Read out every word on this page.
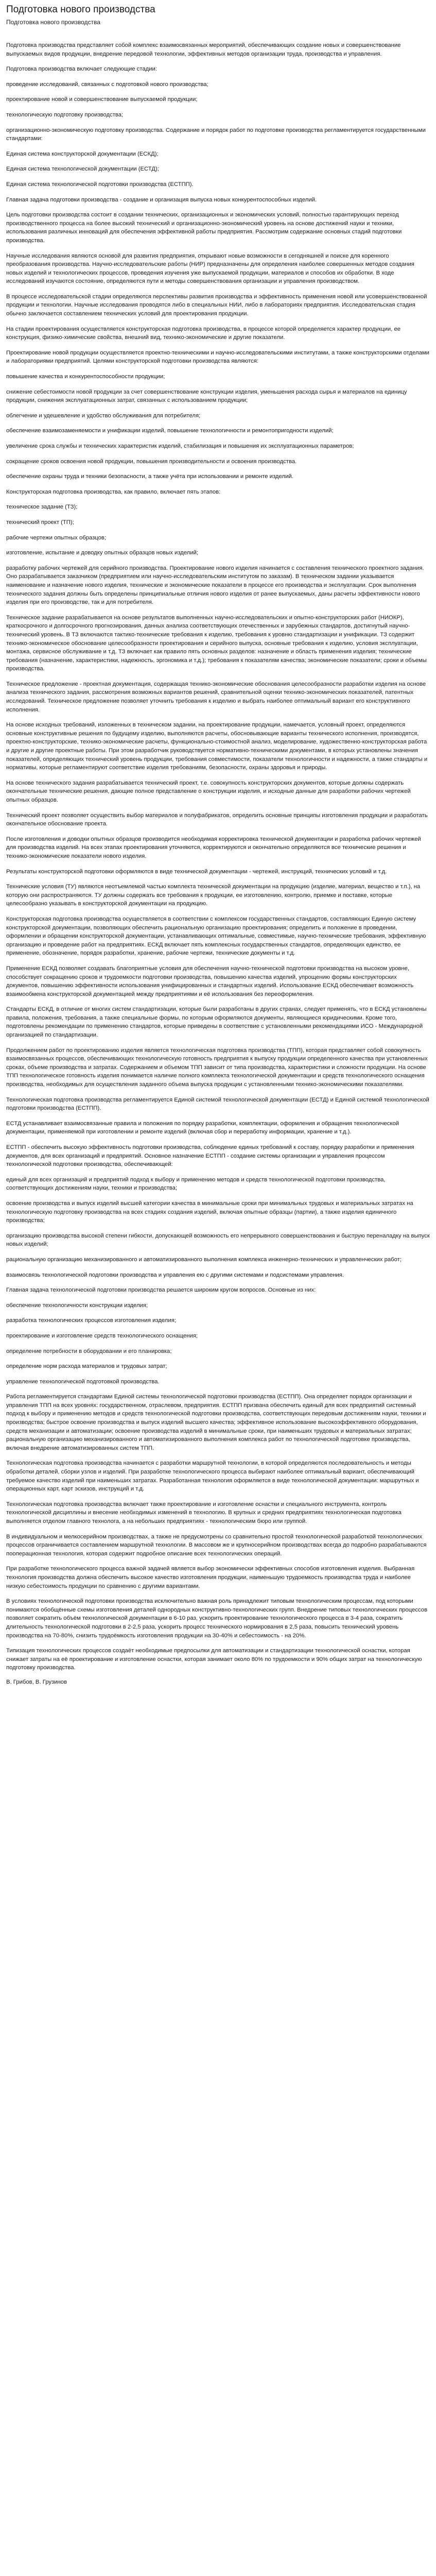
Подготовка нового производства
Подготовка нового производства

Подготовка производства представляет собой комплекс взаимосвязанных мероприятий, обеспечивающих создание новых и совершенствование выпускаемых видов продукции, внедрение передовой технологии, эффективных методов организации труда, производства и управления.

Подготовка производства включает следующие стадии:

проведение исследований, связанных с подготовкой нового производства;

проектирование новой и совершенствование выпускаемой продукции;

технологическую подготовку производства;

организационно-экономическую подготовку производства. Содержание и порядок работ по подготовке производства регламентируется государственными стандартами:

Единая система конструкторской документации (ЕСКД);

Единая система технологической документации (ЕСТД);

Единая система технологической подготовки производства (ЕСТПП).

Главная задача подготовки производства - создание и организация выпуска новых конкурентоспособных изделий.

Цель подготовки производства состоит в создании технических, организационных и экономических условий, полностью гарантирующих переход производственного процесса на более высокий технический и организационно-экономический уровень на основе достижений науки и техники, использования различных инноваций для обеспечения эффективной работы предприятия. Рассмотрим содержание основных стадий подготовки производства.

Научные исследования являются основой для развития предприятия, открывают новые возможности в сегодняшней и поиске для коренного преобразования производства. Научно-исследовательские работы (НИР) предназначены для определения наиболее совершенных методов создания новых изделий и технологических процессов, проведения изучения уже выпускаемой продукции, материалов и способов их обработки. В ходе исследований изучаются состояние, определяются пути и методы совершенствования организации и управления производством.

В процессе исследовательской стадии определяются перспективы развития производства и эффективность применения новой или усовершенствованной продукции и технологии. Научные исследования проводятся либо в специальных НИИ, либо в лабораториях предприятия. Исследовательская стадия обычно заключается составлением технических условий для проектирования продукции.

На стадии проектирования осуществляется конструкторская подготовка производства, в процессе которой определяется характер продукции, ее конструкция, физико-химические свойства, внешний вид, технико-экономические и другие показатели.

Проектирование новой продукции осуществляется проектно-техническими и научно-исследовательскими институтами, а также конструкторскими отделами и лабораториями предприятий. Целями конструкторской подготовки производства являются:

повышение качества и конкурентоспособности продукции;

снижение себестоимости новой продукции за счет совершенствование конструкции изделия, уменьшения расхода сырья и материалов на единицу продукции, снижения эксплуатационных затрат, связанных с использованием продукции;

облегчение и удешевление и удобство обслуживания для потребителя;

обеспечение взаимозаменяемости и унификации изделий, повышение технологичности и ремонтопригодности изделий;

увеличение срока службы и технических характеристик изделий, стабилизация и повышения их эксплуатационных параметров;

сокращение сроков освоения новой продукции, повышения производительности и освоения производства.

обеспечение охраны труда и техники безопасности, а также учёта при использовании и ремонте изделий.

Конструкторская подготовка производства, как правило, включает пять этапов:

техническое задание (ТЗ);

технический проект (ТП);

рабочие чертежи опытных образцов;

изготовление, испытание и доводку опытных образцов новых изделий;

разработку рабочих чертежей для серийного производства. Проектирование нового изделия начинается с составления технического проектного задания. Оно разрабатывается заказчиком (предприятием или научно-исследовательским институтом по заказам). В техническом задании указывается наименование и назначение нового изделия, технические и экономические показатели в процессе его производства и эксплуатации. Срок выполнения технического задания должны быть определены принципиальные отличия нового изделия от ранее выпускаемых, даны расчеты эффективности нового изделия при его производстве, так и для потребителя.

Техническое задание разрабатывается на основе результатов выполненных научно-исследовательских и опытно-конструкторских работ (НИОКР), краткосрочного и долгосрочного прогнозирования, данных анализа соответствующих отечественных и зарубежных стандартов, достигнутый научно-технический уровень. В ТЗ включаются тактико-технические требования к изделию, требования к уровню стандартизации и унификации. ТЗ содержит технико-экономическое обоснование целесообразности проектирования и серийного выпуска, основные требования к изделию, условия эксплуатации, монтажа, сервисное обслуживание и т.д. ТЗ включает как правило пять основных разделов: назначение и область применения изделия; технические требования (назначение, характеристики, надежность, эргономика и т.д.); требования к показателям качества; экономические показатели; сроки и объемы производства.

Техническое предложение - проектная документация, содержащая технико-экономические обоснования целесообразности разработки изделия на основе анализа технического задания, рассмотрения возможных вариантов решений, сравнительной оценки технико-экономических показателей, патентных исследований. Техническое предложение позволяет уточнить требования к изделию и выбрать наиболее оптимальный вариант его конструктивного исполнения.

На основе исходных требований, изложенных в техническом задании, на проектирование продукции, намечается, условный проект, определяются основные конструктивные решения по будущему изделию, выполняются расчеты, обосновывающие варианты технического исполнения, производятся, проектно-конструкторские, технико-экономические расчеты, функционально-стоимостной анализ, моделирование, художественно-конструкторская работа и другие и другие проектные работы. При этом разработчик руководствуется нормативно-техническими документами, в которых установлены значения показателей, определяющих технический уровень продукции, требования совместимости, показатели технологичности и надежности, а также стандарты и нормативы, которые регламентируют соответствие изделия требованиям, безопасности, охраны здоровья и природы.

На основе технического задания разрабатывается технический проект, т.е. совокупность конструкторских документов, которые должны содержать окончательные технические решения, дающие полное представление о конструкции изделия, и исходные данные для разработки рабочих чертежей опытных образцов.

Технический проект позволяет осуществить выбор материалов и полуфабрикатов, определить основные принципы изготовления продукции и разработать окончательное обоснование проекта.

После изготовления и доводки опытных образцов производится необходимая корректировка технической документации и разработка рабочих чертежей для производства изделий. На всех этапах проектирования уточняются, корректируются и окончательно определяются все технические решения и технико-экономические показатели нового изделия.

Результаты конструкторской подготовки оформляются в виде технической документации - чертежей, инструкций, технических условий и т.д.

Технические условия (ТУ) являются неотъемлемой частью комплекта технической документации на продукцию (изделие, материал, вещество и т.п.), на которую они распространяются. ТУ должны содержать все требования к продукции, ее изготовлению, контролю, приемке и поставке, которые целесообразно указывать в конструкторской документации на продукцию.

Конструкторская подготовка производства осуществляется в соответствии с комплексом государственных стандартов, составляющих Единую систему конструкторской документации, позволяющих обеспечить рациональную организацию проектирования; определить и положение в проведении, оформлении и обращении конструкторской документации, устанавливающих оптимальные, совместимые, научно-технические требования, эффективную организацию и проведение работ на предприятиях. ЕСКД включает пять комплексных государственных стандартов, определяющих единство, ее применение, обозначение, порядок разработки, хранение, рабочие чертежи, технические документы и т.д.

Применение ЕСКД позволяет создавать благоприятные условия для обеспечения научно-технической подготовки производства на высоком уровне, способствует сокращению сроков и трудоемкости подготовки производства, повышению качества изделий, упрощению формы конструкторских документов, повышению эффективности использования унифицированных и стандартных изделий. Использование ЕСКД обеспечивает возможность взаимообмена конструкторской документацией между предприятиями и её использования без переоформления.

Стандарты ЕСКД, в отличие от многих систем стандартизации, которые были разработаны в других странах, следует применять, что в ЕСКД установлены правила, положения, требования, а также специальные формы, по которым оформляются документы, являющиеся юридическими. Кроме того, подготовлены рекомендации по применению стандартов, которые приведены в соответствие с установленными рекомендациями ИСО - Международной организацией по стандартизации.

Продолжением работ по проектированию изделия является технологическая подготовка производства (ТПП), которая представляет собой совокупность взаимосвязанных процессов, обеспечивающих технологическую готовность предприятия к выпуску продукции определенного качества при установленных сроках, объеме производства и затратах. Содержанием и объемом ТПП зависит от типа производства, характеристики и сложности продукции. На основе ТПП технологическое готовность изделия понимается наличие полного комплекта технологической документации и средств технологического оснащения производства, необходимых для осуществления заданного объема выпуска продукции с установленными технико-экономическими показателями.

Технологическая подготовка производства регламентируется Единой системой технологической документации (ЕСТД) и Единой системой технологической подготовки производства (ЕСТПП).

ЕСТД устанавливает взаимосвязанные правила и положения по порядку разработки, комплектации, оформления и обращения технологической документации, применяемой при изготовлении и ремонте изделий (включая сбор и переработку информации, хранение и т.д.).

ЕСТПП - обеспечить высокую эффективность подготовки производства, соблюдение единых требований к составу, порядку разработки и применения документов, для всех организаций и предприятий. Основное назначение ЕСТПП - создание системы организации и управления процессом технологической подготовки производства, обеспечивающей:

единый для всех организаций и предприятий подход к выбору и применению методов и средств технологической подготовки производства, соответствующих достижениям науки, техники и производства;

освоение производства и выпуск изделий высшей категории качества в минимальные сроки при минимальных трудовых и материальных затратах на технологическую подготовку производства на всех стадиях создания изделий, включая опытные образцы (партии), а также изделия единичного производства;

организацию производства высокой степени гибкости, допускающей возможность его непрерывного совершенствования и быструю переналадку на выпуск новых изделий;

рациональную организацию механизированного и автоматизированного выполнения комплекса инженерно-технических и управленческих работ;

взаимосвязь технологической подготовки производства и управления ею с другими системами и подсистемами управления.

Главная задача технологической подготовки производства решается широким кругом вопросов. Основные из них:

обеспечение технологичности конструкции изделия;

разработка технологических процессов изготовления изделия;

проектирование и изготовление средств технологического оснащения;

определение потребности в оборудовании и его планировка;

определение норм расхода материалов и трудовых затрат;

управление технологической подготовкой производства.

Работа регламентируется стандартами Единой системы технологической подготовки производства (ЕСТПП). Она определяет порядок организации и управления ТПП на всех уровнях: государственном, отраслевом, предприятия. ЕСТПП призвана обеспечить единый для всех предприятий системный подход к выбору и применению методов и средств технологической подготовки производства, соответствующих передовым достижениям науки, техники и производства; быстрое освоение производства и выпуск изделий высшего качества; эффективное использование высокоэффективного оборудования, средств механизации и автоматизации; освоение производства изделий в минимальные сроки, при наименьших трудовых и материальных затратах; рациональную организацию механизированного и автоматизированного выполнения комплекса работ по технологической подготовке производства, включая внедрение автоматизированных систем ТПП.

Технологическая подготовка производства начинается с разработки маршрутной технологии, в которой определяются последовательность и методы обработки деталей, сборки узлов и изделий. При разработке технологического процесса выбирают наиболее оптимальный вариант, обеспечивающий требуемое качество изделий при наименьших затратах. Разработанная технология оформляется в виде технологической документации: маршрутных и операционных карт, карт эскизов, инструкций и т.д.

Технологическая подготовка производства включает также проектирование и изготовление оснастки и специального инструмента, контроль технологической дисциплины и внесение необходимых изменений в технологию. В крупных и средних предприятиях технологическая подготовка выполняется отделом главного технолога, а на небольших предприятиях - технологическим бюро или группой.

В индивидуальном и мелкосерийном производствах, а также не предусмотрены со сравнительно простой технологической разработкой технологических процессов ограничивается составлением маршрутной технологии. В массовом же и крупносерийном производствах всегда до подробно разрабатываются пооперационная технология, которая содержит подробное описание всех технологических операций.

При разработке технологического процесса важной задачей является выбор экономически эффективных способов изготовления изделия. Выбранная технология производства должна обеспечить высокое качество изготовления продукции, наименьшую трудоемкость производства труда и наиболее низкую себестоимость продукции по сравнению с другими вариантами.

В условиях технологической подготовки производства исключительно важная роль принадлежит типовым технологическим процессам, под которыми понимаются обобщённые схемы изготовления деталей однородных конструктивно-технологических групп. Внедрение типовых технологических процессов позволяет сократить объём технологической документации в 6-10 раз, ускорить проектирование технологического процесса в 3-4 раза, сократить длительность технологической подготовки в 2-2,5 раза, ускорить процесс технического нормирования в 2,5 раза, повысить технический уровень производства на 70-80%, снизить трудоёмкость изготовления продукции на 30-40% и себестоимость - на 20%.

Типизация технологических процессов создаёт необходимые предпосылки для автоматизации и стандартизации технологической оснастки, которая снижает затраты на её проектирование и изготовление оснастки, которая занимает около 80% по трудоемкости и 90% общих затрат на технологическую подготовку производства.

В. Грибов, В. Грузинов
